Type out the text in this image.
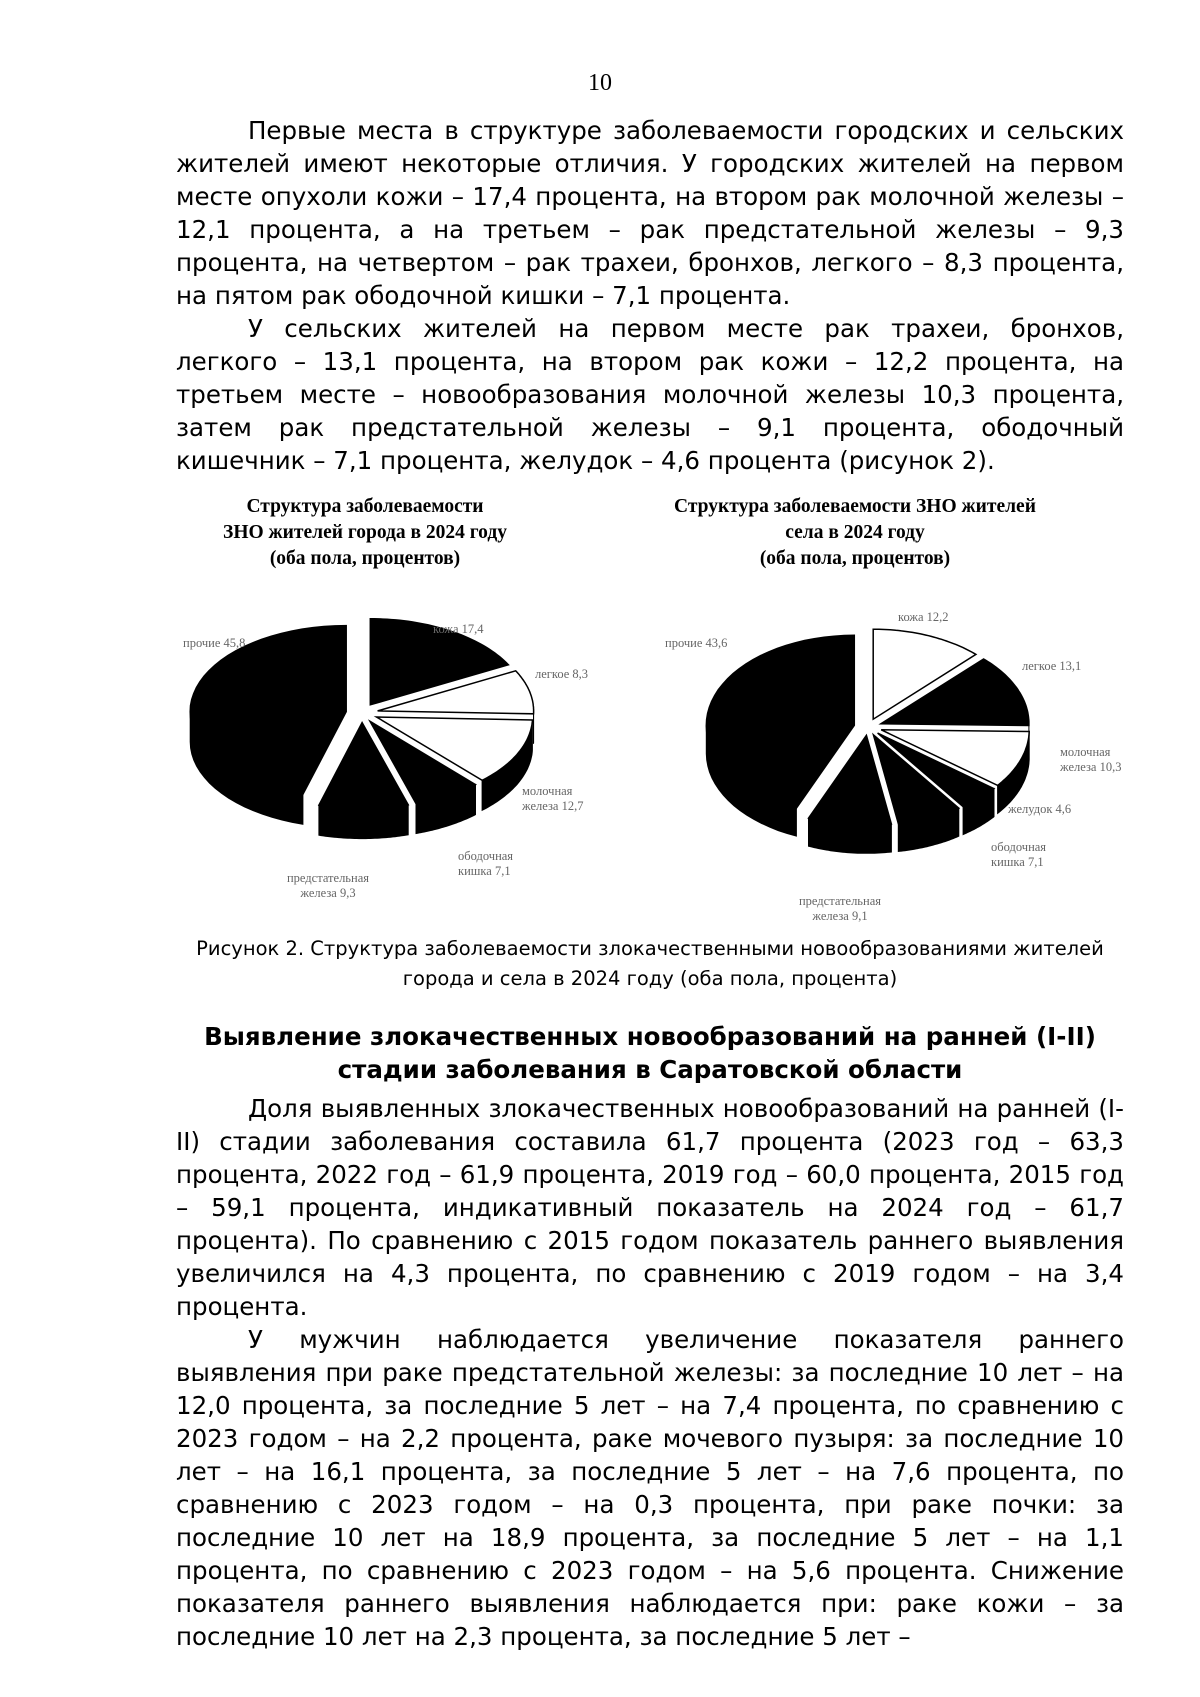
10

Первые места в структуре заболеваемости городских и сельских жителей имеют некоторые отличия. У городских жителей на первом месте опухоли кожи – 17,4 процента, на втором рак молочной железы – 12,1 процента, а на третьем – рак предстательной железы – 9,3 процента, на четвертом – рак трахеи, бронхов, легкого – 8,3 процента, на пятом рак ободочной кишки – 7,1 процента.

У сельских жителей на первом месте рак трахеи, бронхов, легкого – 13,1 процента, на втором рак кожи – 12,2 процента, на третьем месте – новообразования молочной железы 10,3 процента, затем рак предстательной железы – 9,1 процента, ободочный кишечник – 7,1 процента, желудок – 4,6 процента (рисунок 2).

кожа 17,4
легкое 8,3
молочная железа 12,7
ободочная кишка 7,1
предстательная железа 9,3
прочие 45,8
кожа 12,2
легкое 13,1
молочная железа 10,3
желудок 4,6
ободочная кишка 7,1
предстательная железа 9,1
прочие 43,6
Структура заболеваемости
ЗНО жителей города в 2024 году
(оба пола, процентов)
Структура заболеваемости ЗНО жителей
села в 2024 году
(оба пола, процентов)
Рисунок 2. Структура заболеваемости злокачественными новообразованиями жителей города и села в 2024 году (оба пола, процента)
Выявление злокачественных новообразований на ранней (I-II) стадии заболевания в Саратовской области

Доля выявленных злокачественных новообразований на ранней (I-II) стадии заболевания составила 61,7 процента (2023 год – 63,3 процента, 2022 год – 61,9 процента, 2019 год – 60,0 процента, 2015 год – 59,1 процента, индикативный показатель на 2024 год – 61,7 процента). По сравнению с 2015 годом показатель раннего выявления увеличился на 4,3 процента, по сравнению с 2019 годом – на 3,4 процента.

У мужчин наблюдается увеличение показателя раннего выявления при раке предстательной железы: за последние 10 лет – на 12,0 процента, за последние 5 лет – на 7,4 процента, по сравнению с 2023 годом – на 2,2 процента, раке мочевого пузыря: за последние 10 лет – на 16,1 процента, за последние 5 лет – на 7,6 процента, по сравнению с 2023 годом – на 0,3 процента, при раке почки: за последние 10 лет на 18,9 процента, за последние 5 лет – на 1,1 процента, по сравнению с 2023 годом – на 5,6 процента. Снижение показателя раннего выявления наблюдается при: раке кожи – за последние 10 лет на 2,3 процента, за последние 5 лет –
